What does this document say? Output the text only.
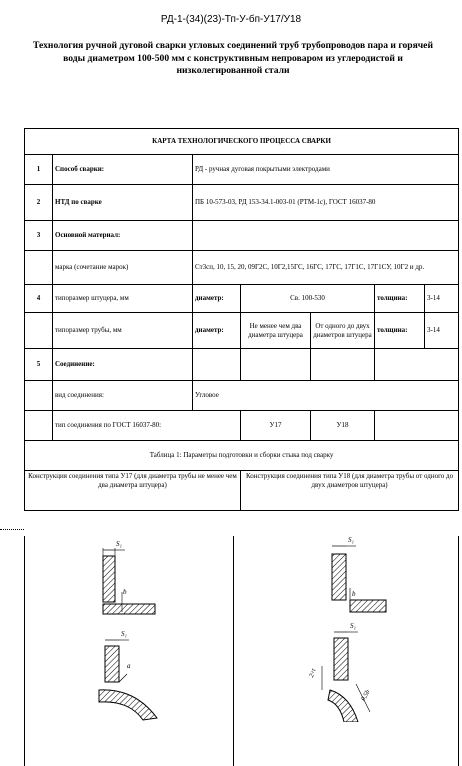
РД-1-(34)(23)-Тп-У-бп-У17/У18
Технология ручной дуговой сварки угловых соединений труб трубопроводов пара и горячей воды диаметром 100-500 мм с конструктивным непроваром из углеродистой и низколегированной стали
КАРТА ТЕХНОЛОГИЧЕСКОГО ПРОЦЕССА СВАРКИ						
1	Способ сварки:	РД - ручная дуговая покрытыми электродами				
2	НТД по сварке	ПБ 10-573-03, РД 153-34.1-003-01 (РТМ-1с), ГОСТ 16037-80				
3	Основной материал:					
	марка (сочетание марок)	Ст3сп, 10, 15, 20, 09Г2С, 10Г2,15ГС, 16ГС, 17ГС, 17Г1С, 17Г1СУ, 10Г2 и др.				
4	типоразмер штуцера, мм	диаметр:	Св. 100-530		толщина:	3-14
	типоразмер трубы, мм	диаметр:	Не менее чем два диаметра штуцера	От одного до двух диаметров штуцера	толщина:	3-14
5	Соединение:					
	вид соединения:	Угловое				
	тип соединения по ГОСТ 16037-80:		У17	У18		
Таблица 1: Параметры подготовки и сборки стыка под сварку						
Конструкция соединения типа У17 (для диаметра трубы не менее чем два диаметра штуцера)			Конструкция соединения типа У18 (для диаметра трубы от одного до двух диаметров штуцера)			
S₁
b
S₁
a
S₁
b
S₁
2÷t
0,5b
